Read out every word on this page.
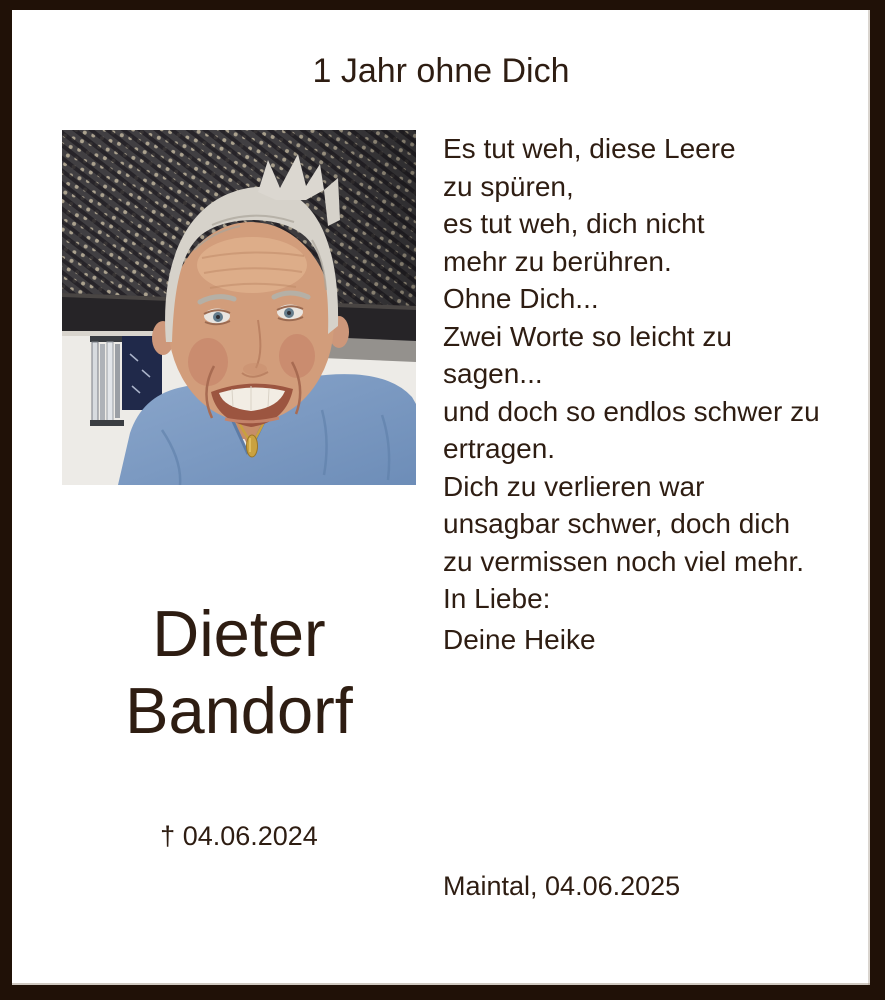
1 Jahr ohne Dich
Es tut weh, diese Leere
zu spüren,
es tut weh, dich nicht
mehr zu berühren.
Ohne Dich...
Zwei Worte so leicht zu
sagen...
und doch so endlos schwer zu
ertragen.
Dich zu verlieren war
unsagbar schwer, doch dich
zu vermissen noch viel mehr.
In Liebe:
Deine Heike
Dieter
Bandorf
† 04.06.2024
Maintal, 04.06.2025
